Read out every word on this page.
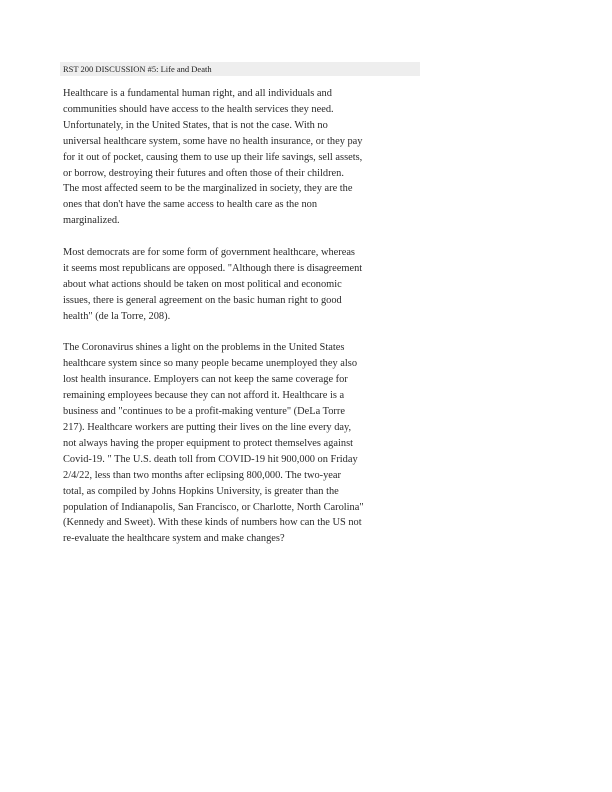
RST 200 DISCUSSION #5: Life and Death

Healthcare is a fundamental human right, and all individuals and
communities should have access to the health services they need.
Unfortunately, in the United States, that is not the case. With no
universal healthcare system, some have no health insurance, or they pay
for it out of pocket, causing them to use up their life savings, sell assets,
or borrow, destroying their futures and often those of their children.
The most affected seem to be the marginalized in society, they are the
ones that don't have the same access to health care as the non
marginalized.

Most democrats are for some form of government healthcare, whereas
it seems most republicans are opposed. "Although there is disagreement
about what actions should be taken on most political and economic
issues, there is general agreement on the basic human right to good
health" (de la Torre, 208).

The Coronavirus shines a light on the problems in the United States
healthcare system since so many people became unemployed they also
lost health insurance. Employers can not keep the same coverage for
remaining employees because they can not afford it. Healthcare is a
business and "continues to be a profit-making venture" (DeLa Torre
217). Healthcare workers are putting their lives on the line every day,
not always having the proper equipment to protect themselves against
Covid-19. " The U.S. death toll from COVID-19 hit 900,000 on Friday
2/4/22, less than two months after eclipsing 800,000. The two-year
total, as compiled by Johns Hopkins University, is greater than the
population of Indianapolis, San Francisco, or Charlotte, North Carolina"
(Kennedy and Sweet). With these kinds of numbers how can the US not
re-evaluate the healthcare system and make changes?
